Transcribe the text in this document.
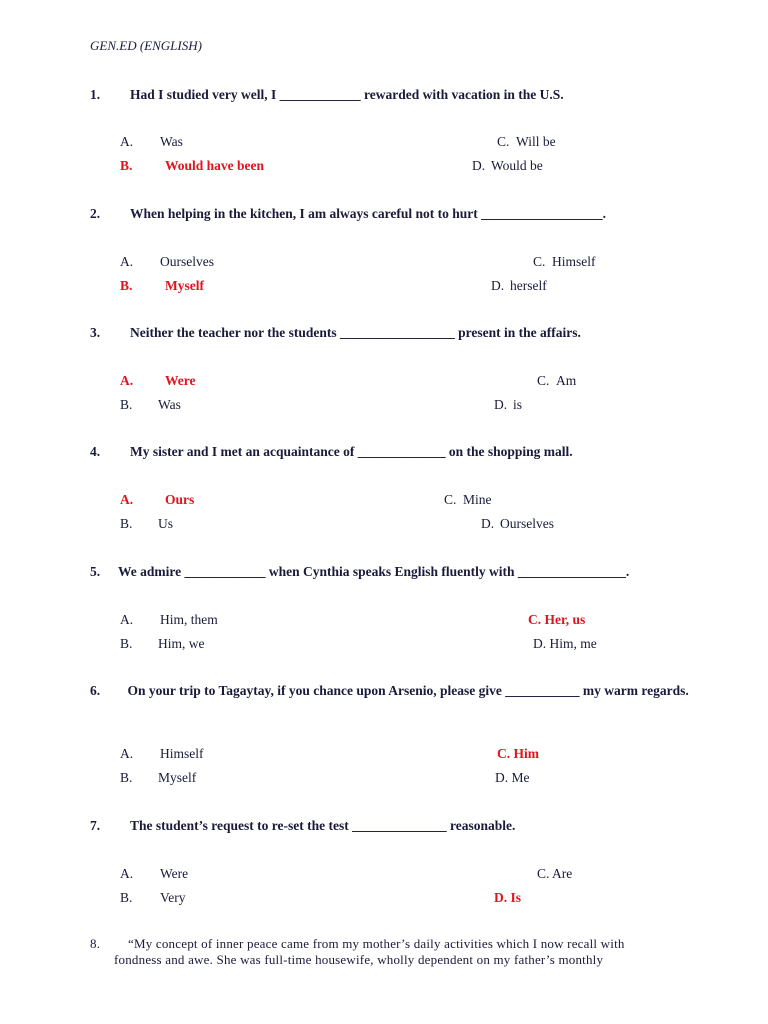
GEN.ED (ENGLISH)
1. Had I studied very well, I ____________ rewarded with vacation in the U.S.
A. Was
B. Would have been
C. Will be
D. Would be
2. When helping in the kitchen, I am always careful not to hurt __________________.
A. Ourselves
B. Myself
C. Himself
D. herself
3. Neither the teacher nor the students _________________ present in the affairs.
A. Were
B. Was
C. Am
D. is
4. My sister and I met an acquaintance of _____________ on the shopping mall.
A. Ours
B. Us
C. Mine
D. Ourselves
5. We admire ____________ when Cynthia speaks English fluently with ________________.
A. Him, them
B. Him, we
C. Her, us
D. Him, me
6. On your trip to Tagaytay, if you chance upon Arsenio, please give ___________ my warm regards.
A. Himself
B. Myself
C. Him
D. Me
7. The student’s request to re-set the test ______________ reasonable.
A. Were
B. Very
C. Are
D. Is
8. “My concept of inner peace came from my mother’s daily activities which I now recall with
fondness and awe. She was full-time housewife, wholly dependent on my father’s monthly
